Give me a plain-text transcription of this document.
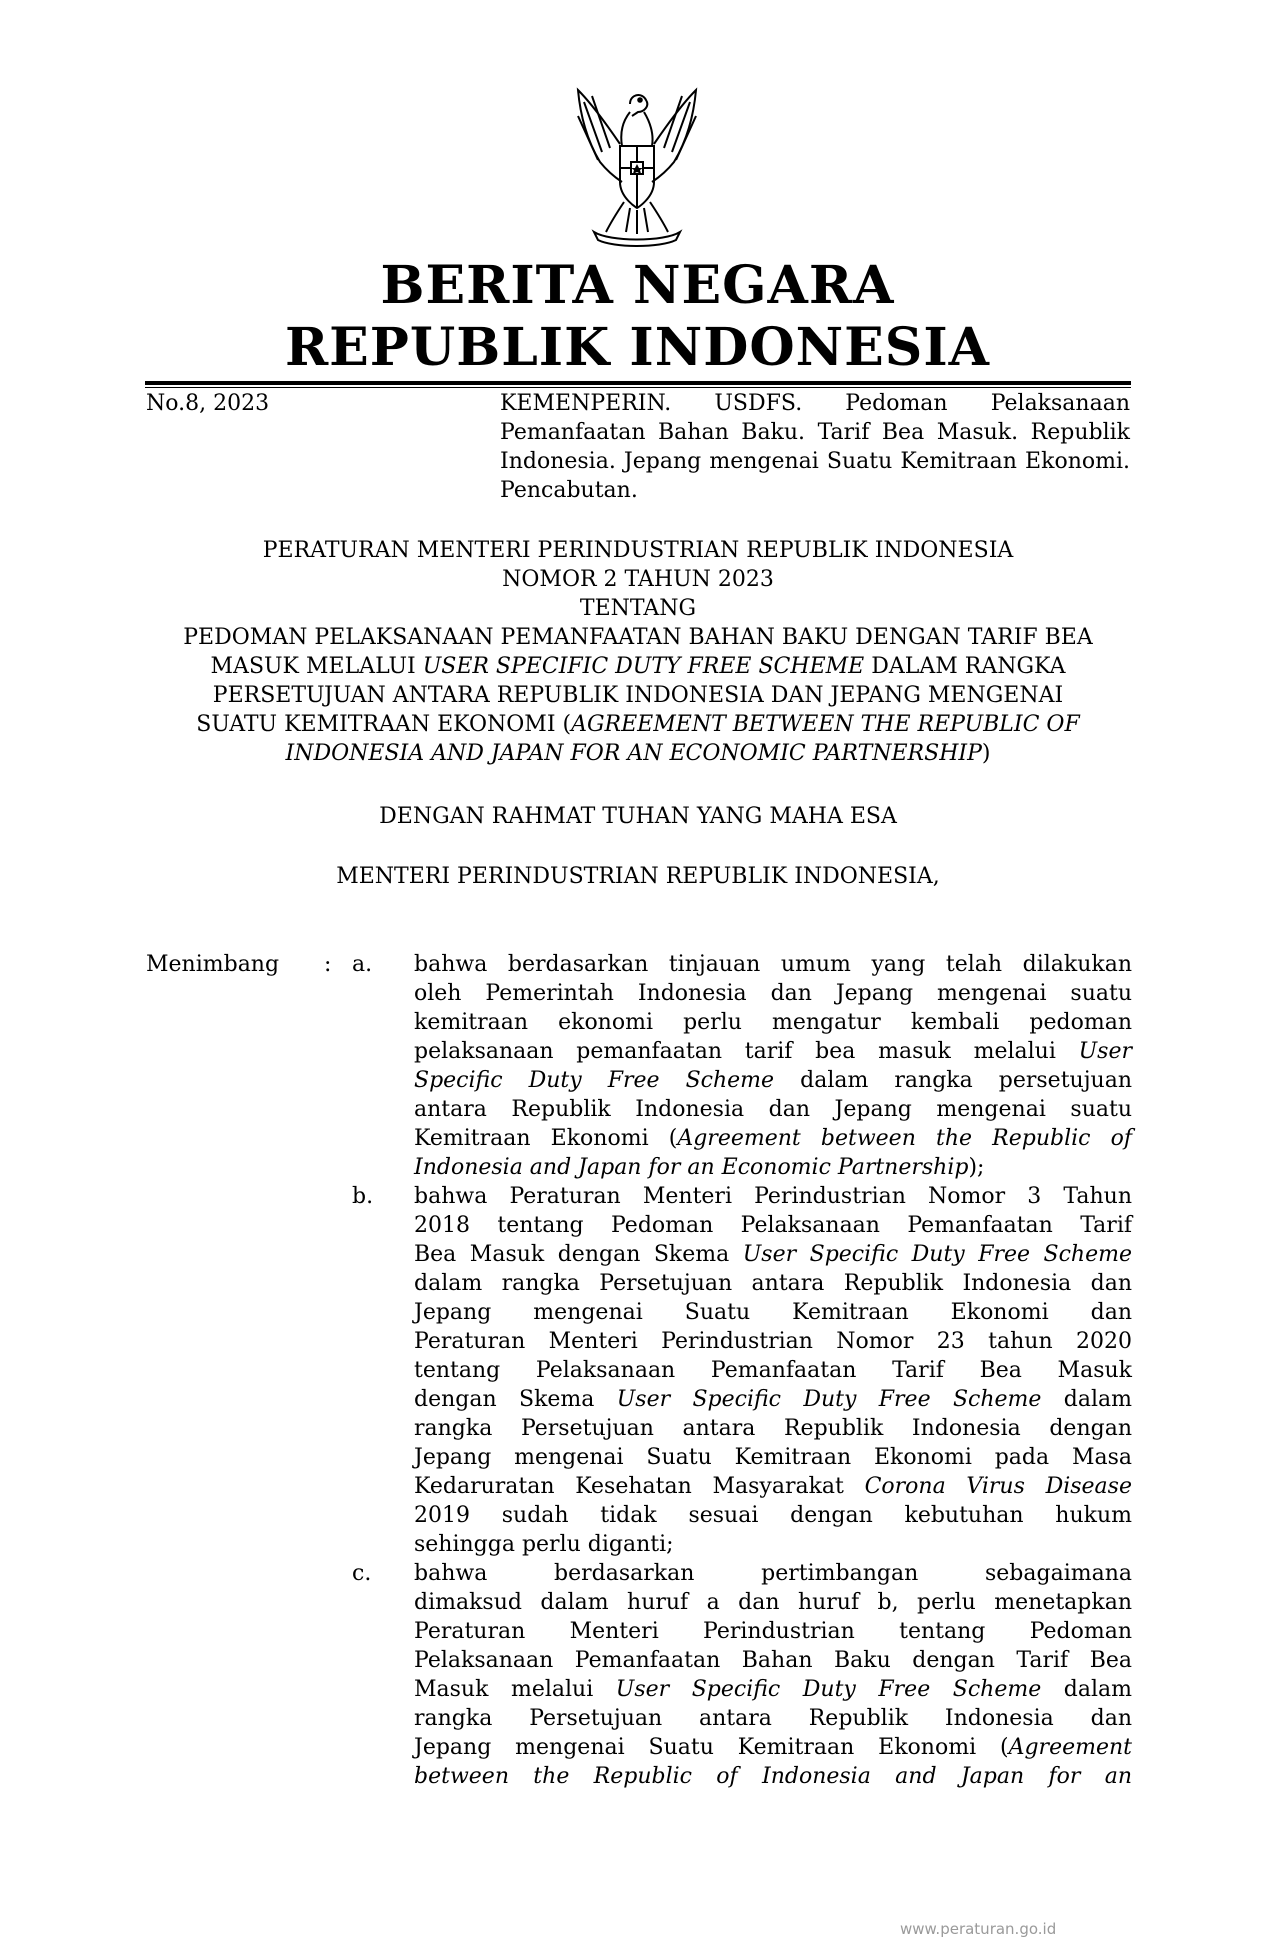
BERITA NEGARA
REPUBLIK INDONESIA
No.8, 2023	KEMENPERIN. USDFS. Pedoman Pelaksanaan Pemanfaatan Bahan Baku. Tarif Bea Masuk. Republik Indonesia. Jepang mengenai Suatu Kemitraan Ekonomi. Pencabutan.
PERATURAN MENTERI PERINDUSTRIAN REPUBLIK INDONESIA
NOMOR 2 TAHUN 2023
TENTANG
PEDOMAN PELAKSANAAN PEMANFAATAN BAHAN BAKU DENGAN TARIF BEA
MASUK MELALUI USER SPECIFIC DUTY FREE SCHEME DALAM RANGKA
PERSETUJUAN ANTARA REPUBLIK INDONESIA DAN JEPANG MENGENAI
SUATU KEMITRAAN EKONOMI (AGREEMENT BETWEEN THE REPUBLIC OF
INDONESIA AND JAPAN FOR AN ECONOMIC PARTNERSHIP)
DENGAN RAHMAT TUHAN YANG MAHA ESA
MENTERI PERINDUSTRIAN REPUBLIK INDONESIA,
Menimbang : a. bahwa berdasarkan tinjauan umum yang telah dilakukan
oleh Pemerintah Indonesia dan Jepang mengenai suatu
kemitraan ekonomi perlu mengatur kembali pedoman
pelaksanaan pemanfaatan tarif bea masuk melalui User
Specific Duty Free Scheme dalam rangka persetujuan
antara Republik Indonesia dan Jepang mengenai suatu
Kemitraan Ekonomi (Agreement between the Republic of
Indonesia and Japan for an Economic Partnership);
b. bahwa Peraturan Menteri Perindustrian Nomor 3 Tahun
2018 tentang Pedoman Pelaksanaan Pemanfaatan Tarif
Bea Masuk dengan Skema User Specific Duty Free Scheme
dalam rangka Persetujuan antara Republik Indonesia dan
Jepang mengenai Suatu Kemitraan Ekonomi dan
Peraturan Menteri Perindustrian Nomor 23 tahun 2020
tentang Pelaksanaan Pemanfaatan Tarif Bea Masuk
dengan Skema User Specific Duty Free Scheme dalam
rangka Persetujuan antara Republik Indonesia dengan
Jepang mengenai Suatu Kemitraan Ekonomi pada Masa
Kedaruratan Kesehatan Masyarakat Corona Virus Disease
2019 sudah tidak sesuai dengan kebutuhan hukum
sehingga perlu diganti;
c. bahwa berdasarkan pertimbangan sebagaimana
dimaksud dalam huruf a dan huruf b, perlu menetapkan
Peraturan Menteri Perindustrian tentang Pedoman
Pelaksanaan Pemanfaatan Bahan Baku dengan Tarif Bea
Masuk melalui User Specific Duty Free Scheme dalam
rangka Persetujuan antara Republik Indonesia dan
Jepang mengenai Suatu Kemitraan Ekonomi (Agreement
between the Republic of Indonesia and Japan for an
www.peraturan.go.id
